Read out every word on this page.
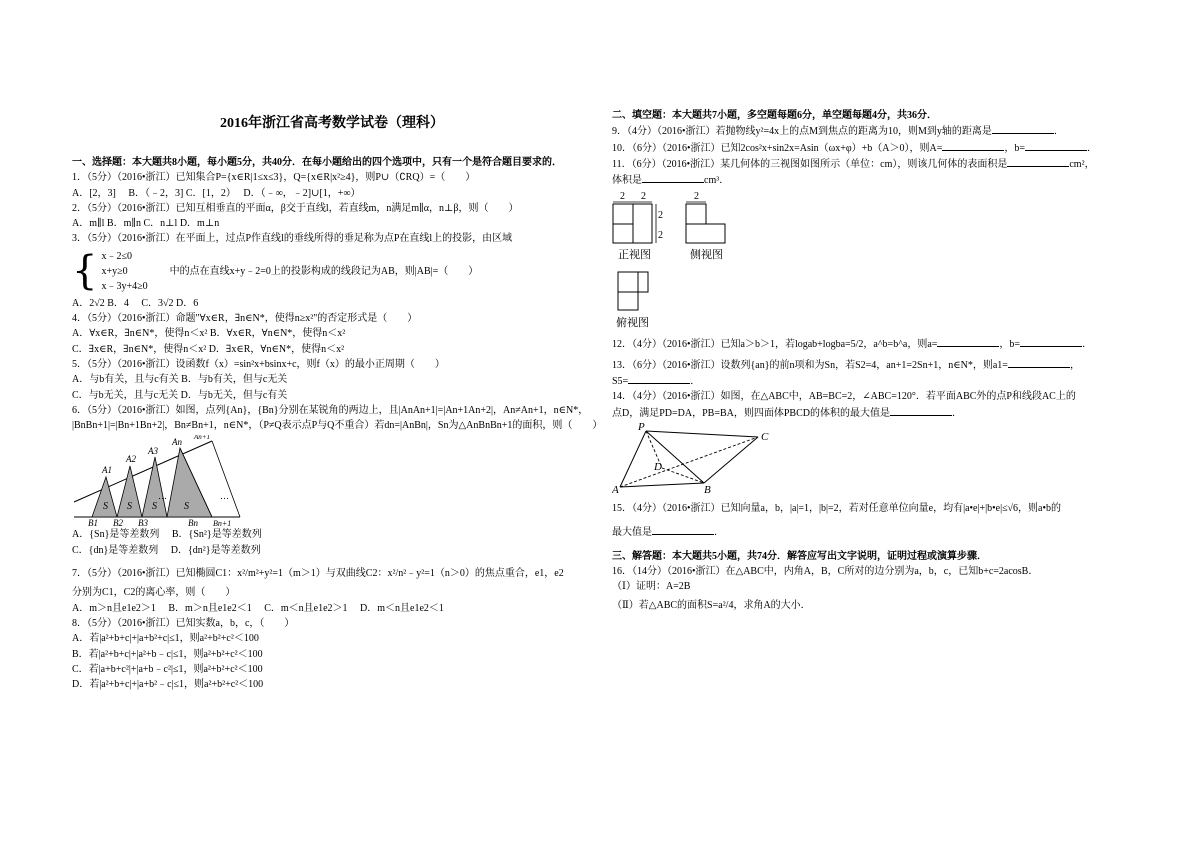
2016年浙江省高考数学试卷（理科）
一、选择题：本大题共8小题，每小题5分，共40分．在每小题给出的四个选项中，只有一个是符合题目要求的．
1．（5分）（2016•浙江）已知集合P={x∈R|1≤x≤3}，Q={x∈R|x²≥4}，则P∪（∁RQ）=（　　）
A．[2，3]　 B．（﹣2，3] C．[1，2）　 D．（﹣∞，﹣2]∪[1，+∞）
2．（5分）（2016•浙江）已知互相垂直的平面α，β交于直线l，若直线m，n满足m∥α，n⊥β，则（　　）
A．m∥l B．m∥n C．n⊥l D．m⊥n
3．（5分）（2016•浙江）在平面上，过点P作直线l的垂线所得的垂足称为点P在直线l上的投影，由区域
{ x﹣2≤0
x+y≥0
x﹣3y+4≥0
中的点在直线x+y﹣2=0上的投影构成的线段记为AB，则|AB|=（　　）
A．2√2 B．4　 C．3√2 D．6
4．（5分）（2016•浙江）命题"∀x∈R，∃n∈N*，使得n≥x²"的否定形式是（　　）
A．∀x∈R，∃n∈N*，使得n＜x² B．∀x∈R，∀n∈N*，使得n＜x²
C．∃x∈R，∃n∈N*，使得n＜x² D．∃x∈R，∀n∈N*，使得n＜x²
5．（5分）（2016•浙江）设函数f（x）=sin²x+bsinx+c，则f（x）的最小正周期（　　）
A．与b有关，且与c有关 B．与b有关，但与c无关
C．与b无关，且与c无关 D．与b无关，但与c有关
6．（5分）（2016•浙江）如图，点列{An}，{Bn}分别在某锐角的两边上，且|AnAn+1|=|An+1An+2|，An≠An+1，n∈N*，
|BnBn+1|=|Bn+1Bn+2|，Bn≠Bn+1，n∈N*，（P≠Q表示点P与Q不重合）若dn=|AnBn|，Sn为△AnBnBn+1的面积，则（　　）
A1
A2
A3
An An+1
B1 B2 B3	Bn Bn+1
S S S	S
…	…
A．{Sn}是等差数列　 B．{Sn²}是等差数列
C．{dn}是等差数列　 D．{dn²}是等差数列
7．（5分）（2016•浙江）已知椭圆C1：x²/m²+y²=1（m＞1）与双曲线C2：x²/n²﹣y²=1（n＞0）的焦点重合，e1，e2
分别为C1，C2的离心率，则（　　）
A．m＞n且e1e2＞1　 B．m＞n且e1e2＜1　 C．m＜n且e1e2＞1　 D．m＜n且e1e2＜1
8．（5分）（2016•浙江）已知实数a，b，c，（　　）
A．若|a²+b+c|+|a+b²+c|≤1，则a²+b²+c²＜100
B．若|a²+b+c|+|a²+b﹣c|≤1，则a²+b²+c²＜100
C．若|a+b+c²|+|a+b﹣c²|≤1，则a²+b²+c²＜100
D．若|a²+b+c|+|a+b²﹣c|≤1，则a²+b²+c²＜100
二、填空题：本大题共7小题，多空题每题6分，单空题每题4分，共36分．
9．（4分）（2016•浙江）若抛物线y²=4x上的点M到焦点的距离为10，则M到y轴的距离是	．
10．（6分）（2016•浙江）已知2cos²x+sin2x=Asin（ωx+φ）+b（A＞0），则A=	，b=	．
11．（6分）（2016•浙江）某几何体的三视图如图所示（单位：cm），则该几何体的表面积是	cm²，
体积是	cm³．
2 2
2
2
正视图
2
侧视图
俯视图
12．（4分）（2016•浙江）已知a＞b＞1，若logab+logba=5/2，a^b=b^a，则a=	，b=	．
13．（6分）（2016•浙江）设数列{an}的前n项和为Sn，若S2=4，an+1=2Sn+1，n∈N*，则a1=	，
S5=	．
14．（4分）（2016•浙江）如图，在△ABC中，AB=BC=2，∠ABC=120°．若平面ABC外的点P和线段AC上的
点D，满足PD=DA，PB=BA，则四面体PBCD的体积的最大值是	．
P
C
D
A	B
15．（4分）（2016•浙江）已知向量a，b，|a|=1，|b|=2，若对任意单位向量e，均有|a•e|+|b•e|≤√6，则a•b的
最大值是	．
三、解答题：本大题共5小题，共74分．解答应写出文字说明，证明过程或演算步骤．
16．（14分）（2016•浙江）在△ABC中，内角A，B，C所对的边分别为a，b，c，已知b+c=2acosB．
（Ⅰ）证明：A=2B
（Ⅱ）若△ABC的面积S=a²/4，求角A的大小．
